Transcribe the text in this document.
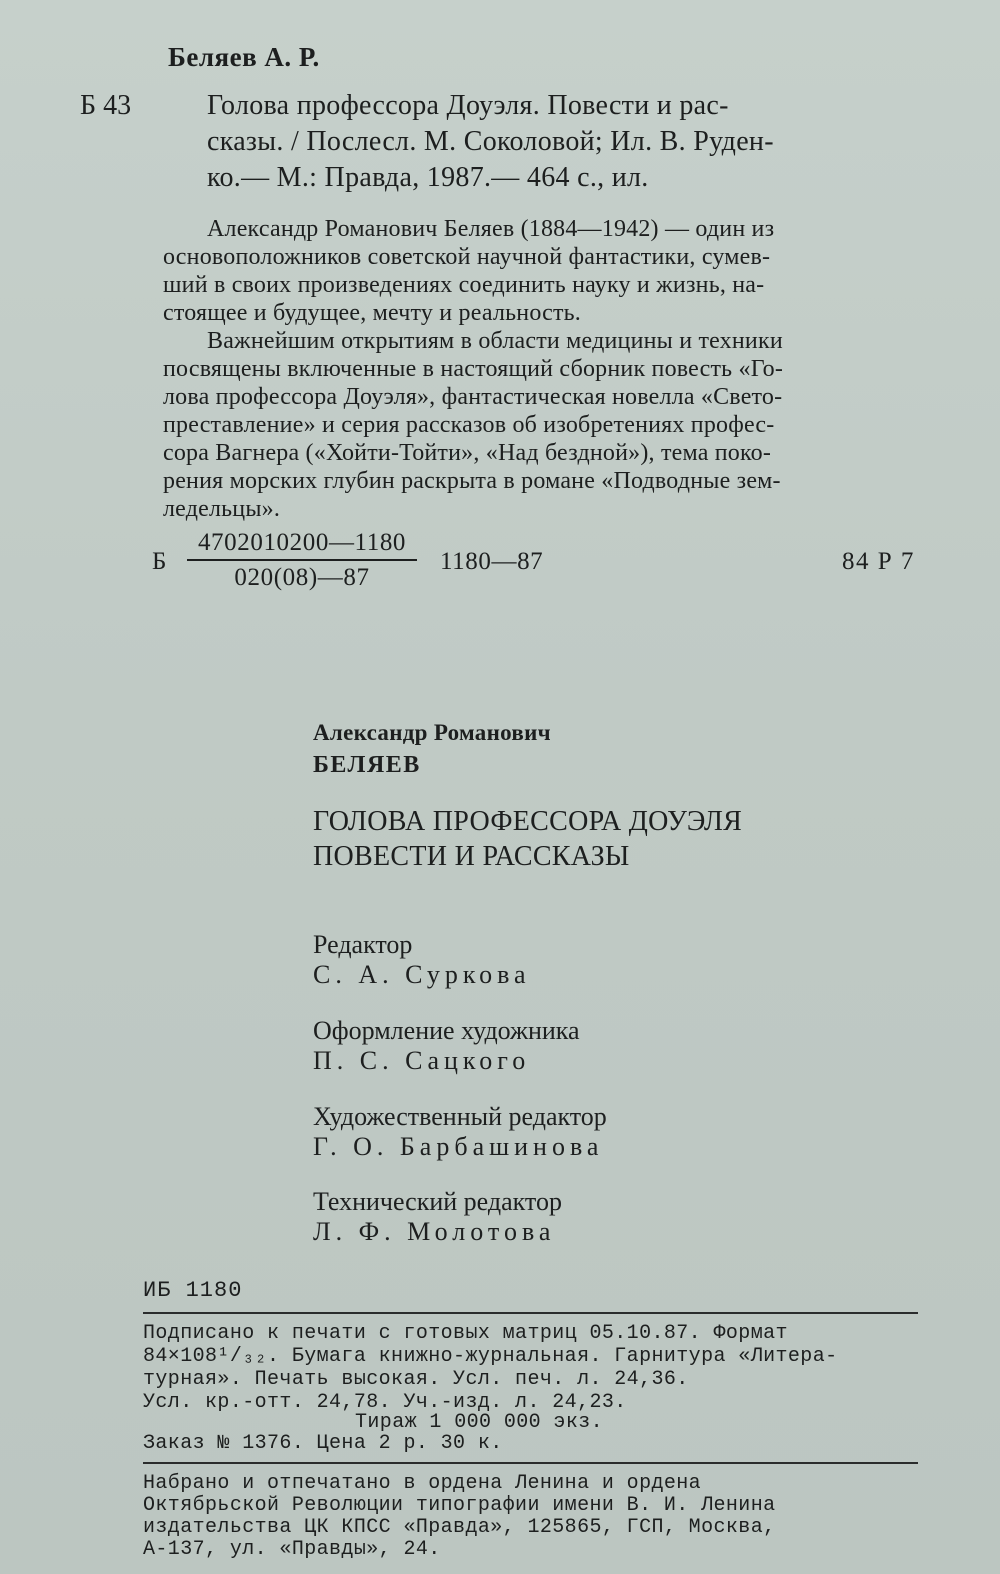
Беляев А. Р.
Б 43	Голова профессора Доуэля. Повести и рас-
сказы. / Послесл. М. Соколовой; Ил. В. Руден-
ко.— М.: Правда, 1987.— 464 с., ил.
Александр Романович Беляев (1884—1942) — один из
основоположников советской научной фантастики, сумев-
ший в своих произведениях соединить науку и жизнь, на-
стоящее и будущее, мечту и реальность.
Важнейшим открытиям в области медицины и техники
посвящены включенные в настоящий сборник повесть «Го-
лова профессора Доуэля», фантастическая новелла «Свето-
преставление» и серия рассказов об изобретениях профес-
сора Вагнера («Хойти-Тойти», «Над бездной»), тема поко-
рения морских глубин раскрыта в романе «Подводные зем-
ледельцы».
Б
4702010200—1180
020(08)—87
1180—87	84 Р 7
Александр Романович
БЕЛЯЕВ
ГОЛОВА ПРОФЕССОРА ДОУЭЛЯ
ПОВЕСТИ И РАССКАЗЫ
Редактор
С. А. Суркова
Оформление художника
П. С. Сацкого
Художественный редактор
Г. О. Барбашинова
Технический редактор
Л. Ф. Молотова
ИБ 1180
Подписано к печати с готовых матриц 05.10.87. Формат
84×108¹/₃₂. Бумага книжно-журнальная. Гарнитура «Литера-
турная». Печать высокая. Усл. печ. л. 24,36.
Усл. кр.-отт. 24,78. Уч.-изд. л. 24,23.
Тираж 1 000 000 экз.
Заказ № 1376. Цена 2 р. 30 к.
Набрано и отпечатано в ордена Ленина и ордена
Октябрьской Революции типографии имени В. И. Ленина
издательства ЦК КПСС «Правда», 125865, ГСП, Москва,
А-137, ул. «Правды», 24.
